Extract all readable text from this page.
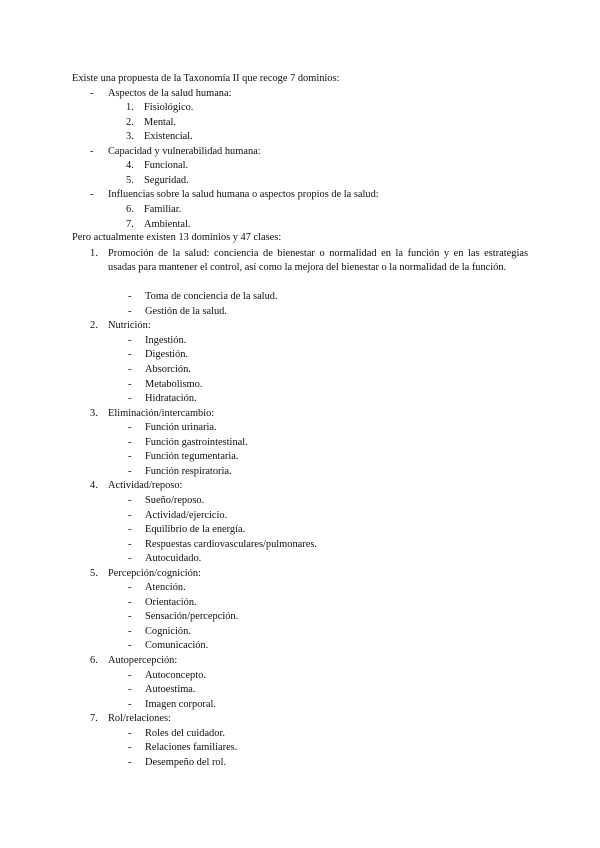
Existe una propuesta de la Taxonomía II que recoge 7 dominios:
- Aspectos de la salud humana:
1. Fisiológico.
2. Mental.
3. Existencial.
- Capacidad y vulnerabilidad humana:
4. Funcional.
5. Seguridad.
- Influencias sobre la salud humana o aspectos propios de la salud:
6. Familiar.
7. Ambiental.
Pero actualmente existen 13 dominios y 47 clases:
1. Promoción de la salud: conciencia de bienestar o normalidad en la función y en las estrategias usadas para mantener el control, así como la mejora del bienestar o la normalidad de la función.
- Toma de conciencia de la salud.
- Gestión de la salud.
2. Nutrición:
- Ingestión.
- Digestión.
- Absorción.
- Metabolismo.
- Hidratación.
3. Eliminación/intercambio:
- Función urinaria.
- Función gastrointestinal.
- Función tegumentaria.
- Función respiratoria.
4. Actividad/reposo:
- Sueño/reposo.
- Actividad/ejercicio.
- Equilibrio de la energía.
- Respuestas cardiovasculares/pulmonares.
- Autocuidado.
5. Percepción/cognición:
- Atención.
- Orientación.
- Sensación/percepción.
- Cognición.
- Comunicación.
6. Autopercepción:
- Autoconcepto.
- Autoestima.
- Imagen corporal.
7. Rol/relaciones:
- Roles del cuidador.
- Relaciones familiares.
- Desempeño del rol.
